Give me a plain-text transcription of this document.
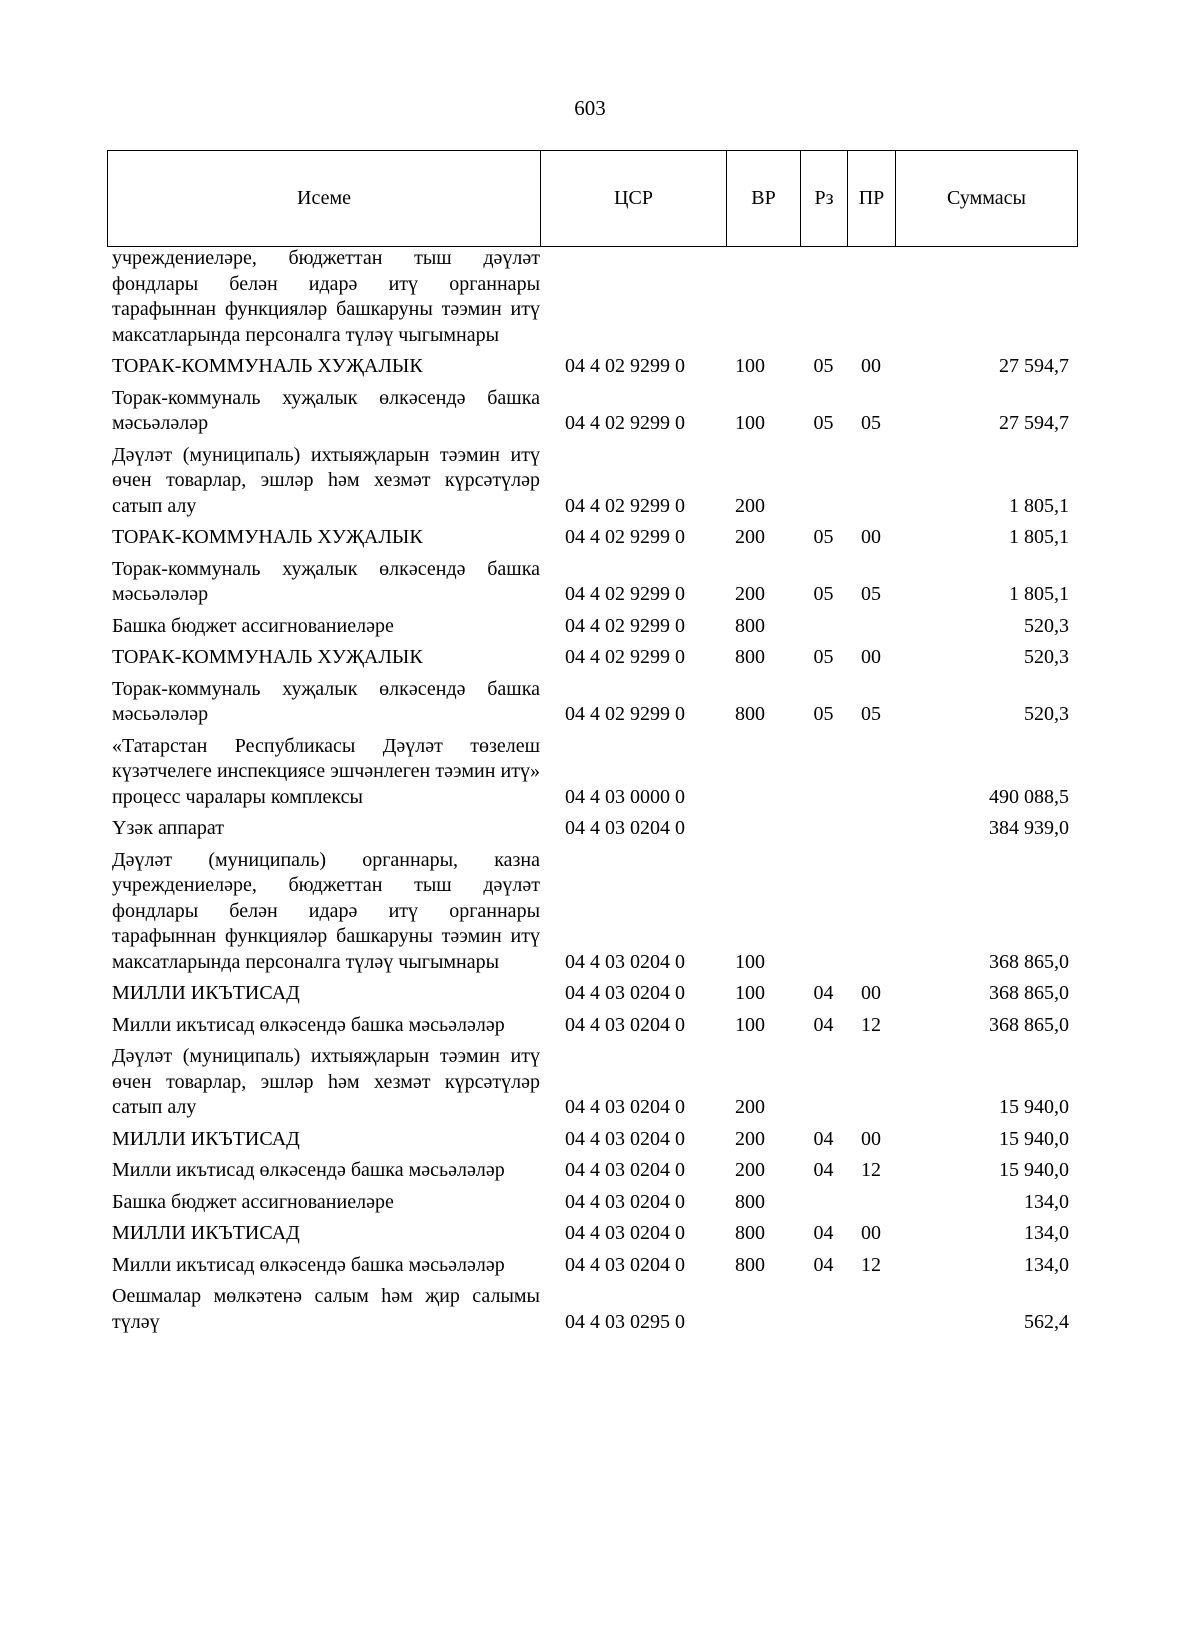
603
Исеме	ЦСР	ВР	Рз	ПР	Суммасы
учреждениеләре, бюджеттан тыш дәүләт фондлары белән идарә итү органнары тарафыннан функцияләр башкаруны тәэмин итү максатларында персоналга түләү чыгымнары					
ТОРАК-КОММУНАЛЬ ХУҖАЛЫК	04 4 02 9299 0	100	05	00	27 594,7
Торак-коммуналь хуҗалык өлкәсендә башка мәсьәләләр	04 4 02 9299 0	100	05	05	27 594,7
Дәүләт (муниципаль) ихтыяҗларын тәэмин итү өчен товарлар, эшләр һәм хезмәт күрсәтүләр сатып алу	04 4 02 9299 0	200			1 805,1
ТОРАК-КОММУНАЛЬ ХУҖАЛЫК	04 4 02 9299 0	200	05	00	1 805,1
Торак-коммуналь хуҗалык өлкәсендә башка мәсьәләләр	04 4 02 9299 0	200	05	05	1 805,1
Башка бюджет ассигнованиеләре	04 4 02 9299 0	800			520,3
ТОРАК-КОММУНАЛЬ ХУҖАЛЫК	04 4 02 9299 0	800	05	00	520,3
Торак-коммуналь хуҗалык өлкәсендә башка мәсьәләләр	04 4 02 9299 0	800	05	05	520,3
«Татарстан Республикасы Дәүләт төзелеш күзәтчелеге инспекциясе эшчәнлеген тәэмин итү» процесс чаралары комплексы	04 4 03 0000 0				490 088,5
Үзәк аппарат	04 4 03 0204 0				384 939,0
Дәүләт (муниципаль) органнары, казна учреждениеләре, бюджеттан тыш дәүләт фондлары белән идарә итү органнары тарафыннан функцияләр башкаруны тәэмин итү максатларында персоналга түләү чыгымнары	04 4 03 0204 0	100			368 865,0
МИЛЛИ ИКЪТИСАД	04 4 03 0204 0	100	04	00	368 865,0
Милли икътисад өлкәсендә башка мәсьәләләр	04 4 03 0204 0	100	04	12	368 865,0
Дәүләт (муниципаль) ихтыяҗларын тәэмин итү өчен товарлар, эшләр һәм хезмәт күрсәтүләр сатып алу	04 4 03 0204 0	200			15 940,0
МИЛЛИ ИКЪТИСАД	04 4 03 0204 0	200	04	00	15 940,0
Милли икътисад өлкәсендә башка мәсьәләләр	04 4 03 0204 0	200	04	12	15 940,0
Башка бюджет ассигнованиеләре	04 4 03 0204 0	800			134,0
МИЛЛИ ИКЪТИСАД	04 4 03 0204 0	800	04	00	134,0
Милли икътисад өлкәсендә башка мәсьәләләр	04 4 03 0204 0	800	04	12	134,0
Оешмалар мөлкәтенә салым һәм җир салымы түләү	04 4 03 0295 0				562,4
